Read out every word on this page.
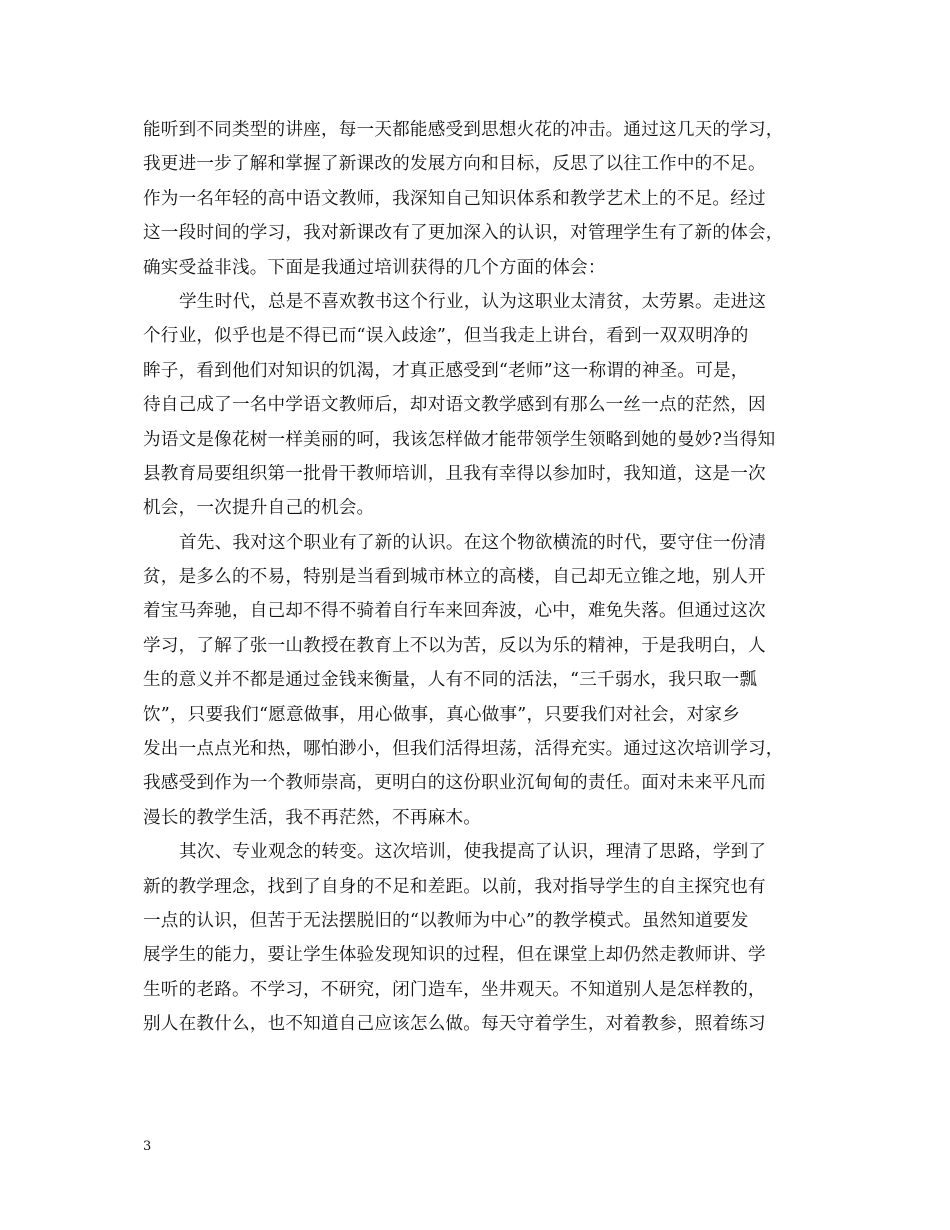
能听到不同类型的讲座，每一天都能感受到思想火花的冲击。通过这几天的学习，
我更进一步了解和掌握了新课改的发展方向和目标，反思了以往工作中的不足。
作为一名年轻的高中语文教师，我深知自己知识体系和教学艺术上的不足。经过
这一段时间的学习，我对新课改有了更加深入的认识，对管理学生有了新的体会，
确实受益非浅。下面是我通过培训获得的几个方面的体会：
学生时代，总是不喜欢教书这个行业，认为这职业太清贫，太劳累。走进这
个行业，似乎也是不得已而“误入歧途”，但当我走上讲台，看到一双双明净的
眸子，看到他们对知识的饥渴，才真正感受到“老师”这一称谓的神圣。可是，
待自己成了一名中学语文教师后，却对语文教学感到有那么一丝一点的茫然，因
为语文是像花树一样美丽的呵，我该怎样做才能带领学生领略到她的曼妙?当得知
县教育局要组织第一批骨干教师培训，且我有幸得以参加时，我知道，这是一次
机会，一次提升自己的机会。
首先、我对这个职业有了新的认识。在这个物欲横流的时代，要守住一份清
贫，是多么的不易，特别是当看到城市林立的高楼，自己却无立锥之地，别人开
着宝马奔驰，自己却不得不骑着自行车来回奔波，心中，难免失落。但通过这次
学习，了解了张一山教授在教育上不以为苦，反以为乐的精神，于是我明白，人
生的意义并不都是通过金钱来衡量，人有不同的活法，“三千弱水，我只取一瓢
饮”，只要我们“愿意做事，用心做事，真心做事”，只要我们对社会，对家乡
发出一点点光和热，哪怕渺小，但我们活得坦荡，活得充实。通过这次培训学习，
我感受到作为一个教师崇高，更明白的这份职业沉甸甸的责任。面对未来平凡而
漫长的教学生活，我不再茫然，不再麻木。
其次、专业观念的转变。这次培训，使我提高了认识，理清了思路，学到了
新的教学理念，找到了自身的不足和差距。以前，我对指导学生的自主探究也有
一点的认识，但苦于无法摆脱旧的“以教师为中心”的教学模式。虽然知道要发
展学生的能力，要让学生体验发现知识的过程，但在课堂上却仍然走教师讲、学
生听的老路。不学习，不研究，闭门造车，坐井观天。不知道别人是怎样教的，
别人在教什么，也不知道自己应该怎么做。每天守着学生，对着教参，照着练习
3
